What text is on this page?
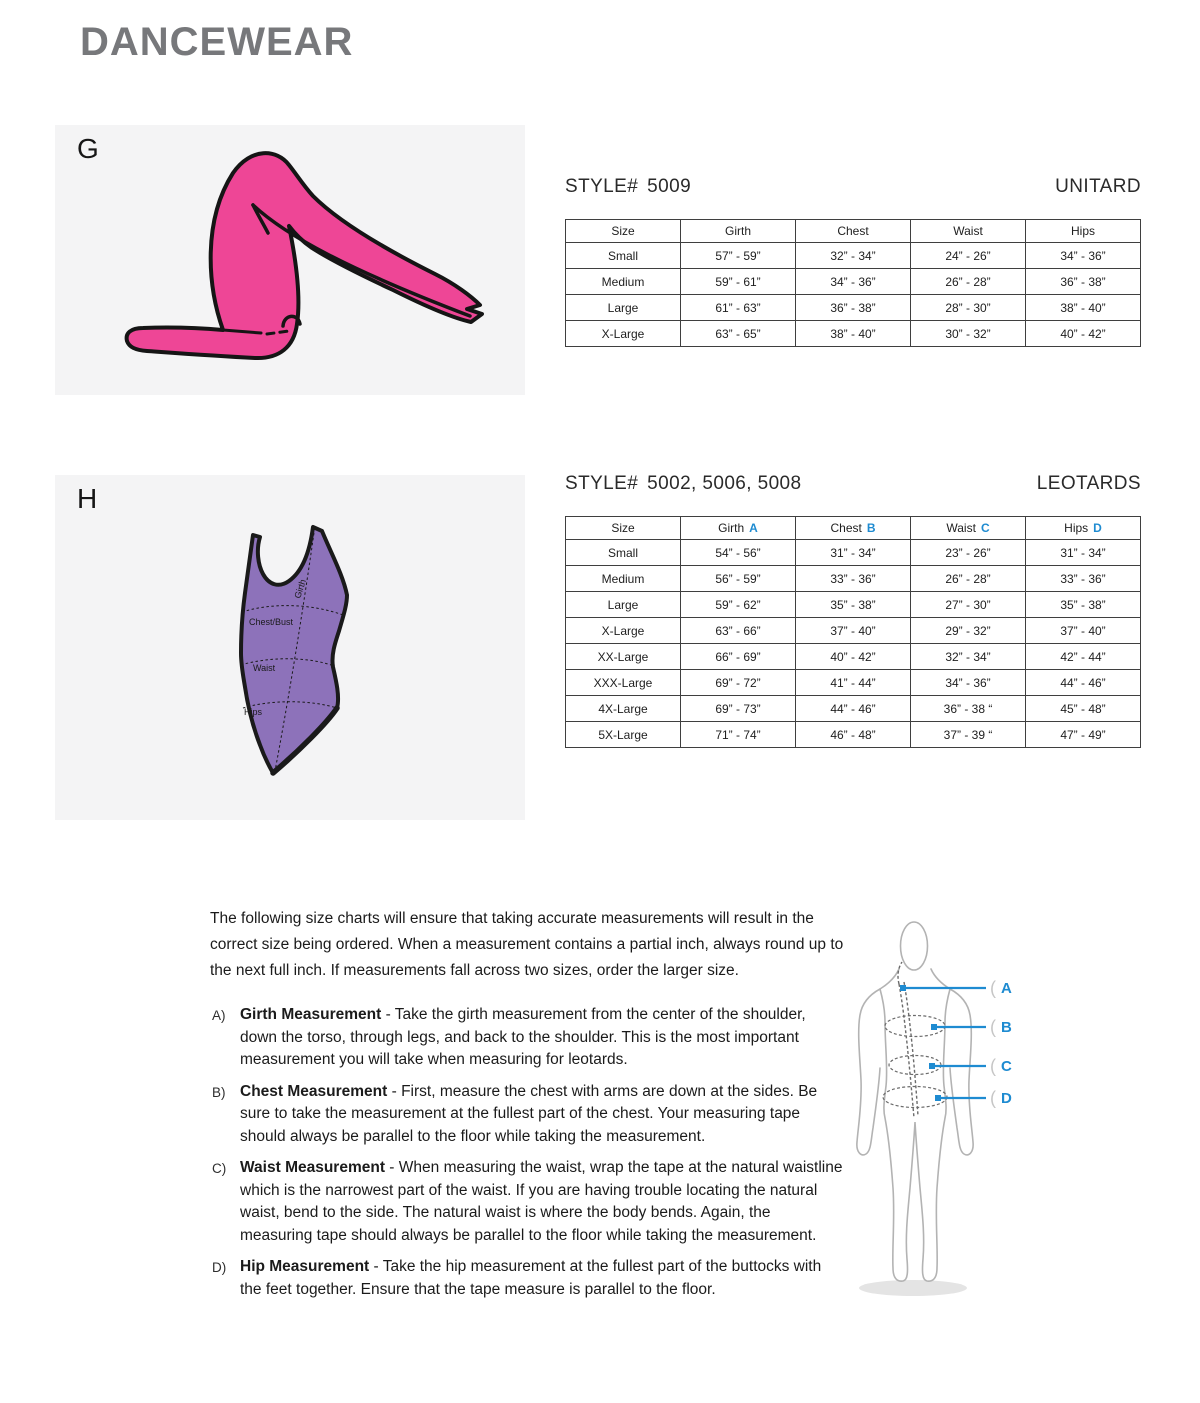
DANCEWEAR
G
STYLE# 5009	UNITARD
Size	Girth	Chest	Waist	Hips
Small	57” - 59”	32” - 34”	24” - 26”	34” - 36”
Medium	59” - 61”	34” - 36”	26” - 28”	36” - 38”
Large	61” - 63”	36” - 38”	28” - 30”	38” - 40”
X-Large	63” - 65”	38” - 40”	30” - 32”	40” - 42”
H
Girth
Chest/Bust
Waist
Hips
STYLE# 5002, 5006, 5008	LEOTARDS
Size	Girth A	Chest B	Waist C	Hips D
Small	54” - 56”	31” - 34”	23” - 26”	31” - 34”
Medium	56” - 59”	33” - 36”	26” - 28”	33” - 36”
Large	59” - 62”	35” - 38”	27” - 30”	35” - 38”
X-Large	63” - 66”	37” - 40”	29” - 32”	37” - 40”
XX-Large	66” - 69”	40” - 42”	32” - 34”	42” - 44”
XXX-Large	69” - 72”	41” - 44”	34” - 36”	44” - 46”
4X-Large	69” - 73”	44” - 46”	36” - 38 “	45” - 48”
5X-Large	71” - 74”	46” - 48”	37” - 39 “	47” - 49”

The following size charts will ensure that taking accurate measurements will result in the correct size being ordered. When a measurement contains a partial inch, always round up to the next full inch. If measurements fall across two sizes, order the larger size.

A) Girth Measurement - Take the girth measurement from the center of the shoulder, down the torso, through legs, and back to the shoulder. This is the most important measurement you will take when measuring for leotards.
B) Chest Measurement - First, measure the chest with arms are down at the sides. Be sure to take the measurement at the fullest part of the chest. Your measuring tape should always be parallel to the floor while taking the measurement.
C) Waist Measurement - When measuring the waist, wrap the tape at the natural waistline which is the narrowest part of the waist. If you are having trouble locating the natural waist, bend to the side. The natural waist is where the body bends. Again, the measuring tape should always be parallel to the floor while taking the measurement.
D) Hip Measurement - Take the hip measurement at the fullest part of the buttocks with the feet together. Ensure that the tape measure is parallel to the floor.
( A
( B
( C
( D
